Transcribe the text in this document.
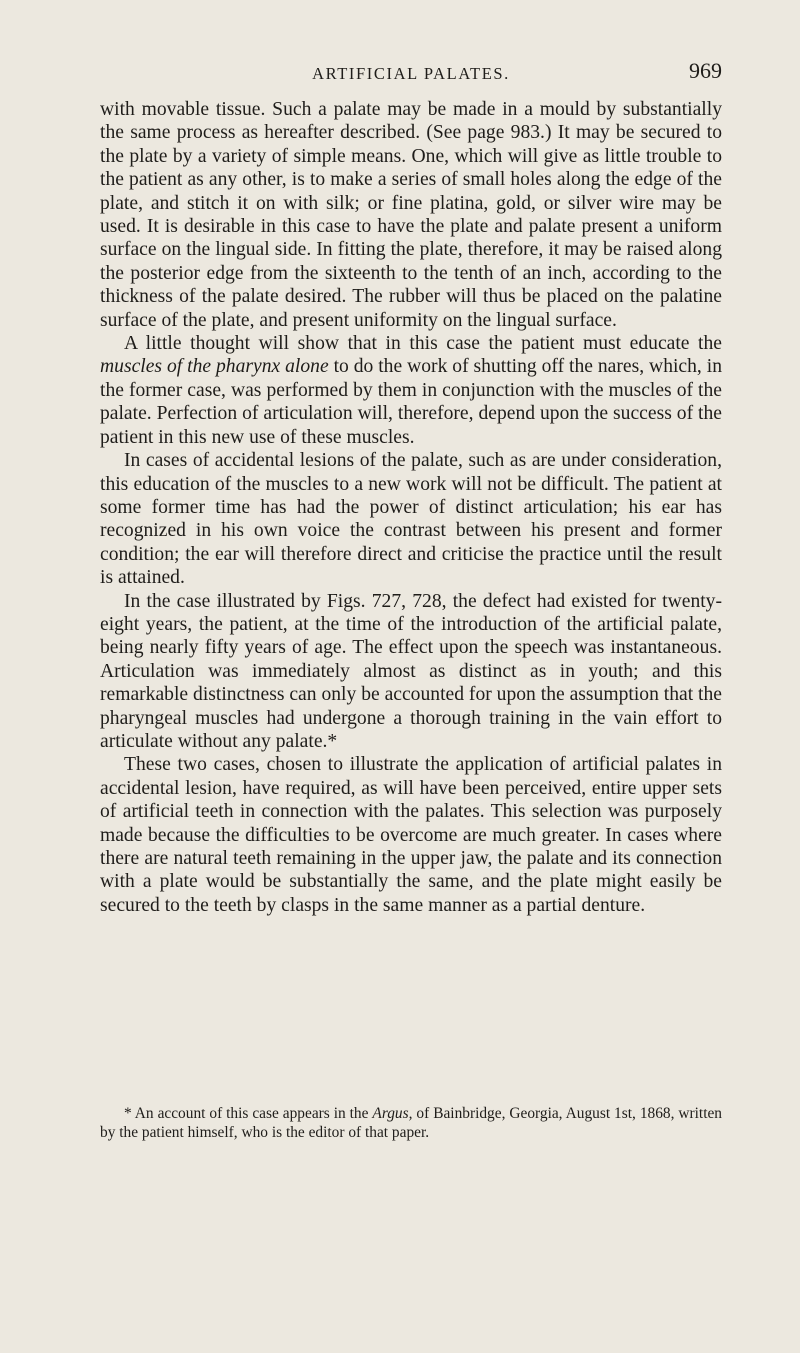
ARTIFICIAL PALATES.	969

with movable tissue. Such a palate may be made in a mould by substantially the same process as hereafter described. (See page 983.) It may be secured to the plate by a variety of simple means. One, which will give as little trouble to the patient as any other, is to make a series of small holes along the edge of the plate, and stitch it on with silk; or fine platina, gold, or silver wire may be used. It is desirable in this case to have the plate and palate present a uniform surface on the lingual side. In fitting the plate, therefore, it may be raised along the posterior edge from the sixteenth to the tenth of an inch, according to the thickness of the palate desired. The rubber will thus be placed on the palatine surface of the plate, and present uniformity on the lingual surface.

A little thought will show that in this case the patient must educate the muscles of the pharynx alone to do the work of shutting off the nares, which, in the former case, was performed by them in conjunction with the muscles of the palate. Perfection of articulation will, therefore, depend upon the success of the patient in this new use of these muscles.

In cases of accidental lesions of the palate, such as are under consideration, this education of the muscles to a new work will not be difficult. The patient at some former time has had the power of distinct articulation; his ear has recognized in his own voice the contrast between his present and former condition; the ear will therefore direct and criticise the practice until the result is attained.

In the case illustrated by Figs. 727, 728, the defect had existed for twenty-eight years, the patient, at the time of the introduction of the artificial palate, being nearly fifty years of age. The effect upon the speech was instantaneous. Articulation was immediately almost as distinct as in youth; and this remarkable distinctness can only be accounted for upon the assumption that the pharyngeal muscles had undergone a thorough training in the vain effort to articulate without any palate.*

These two cases, chosen to illustrate the application of artificial palates in accidental lesion, have required, as will have been perceived, entire upper sets of artificial teeth in connection with the palates. This selection was purposely made because the difficulties to be overcome are much greater. In cases where there are natural teeth remaining in the upper jaw, the palate and its connection with a plate would be substantially the same, and the plate might easily be secured to the teeth by clasps in the same manner as a partial denture.

* An account of this case appears in the Argus, of Bainbridge, Georgia, August 1st, 1868, written by the patient himself, who is the editor of that paper.
